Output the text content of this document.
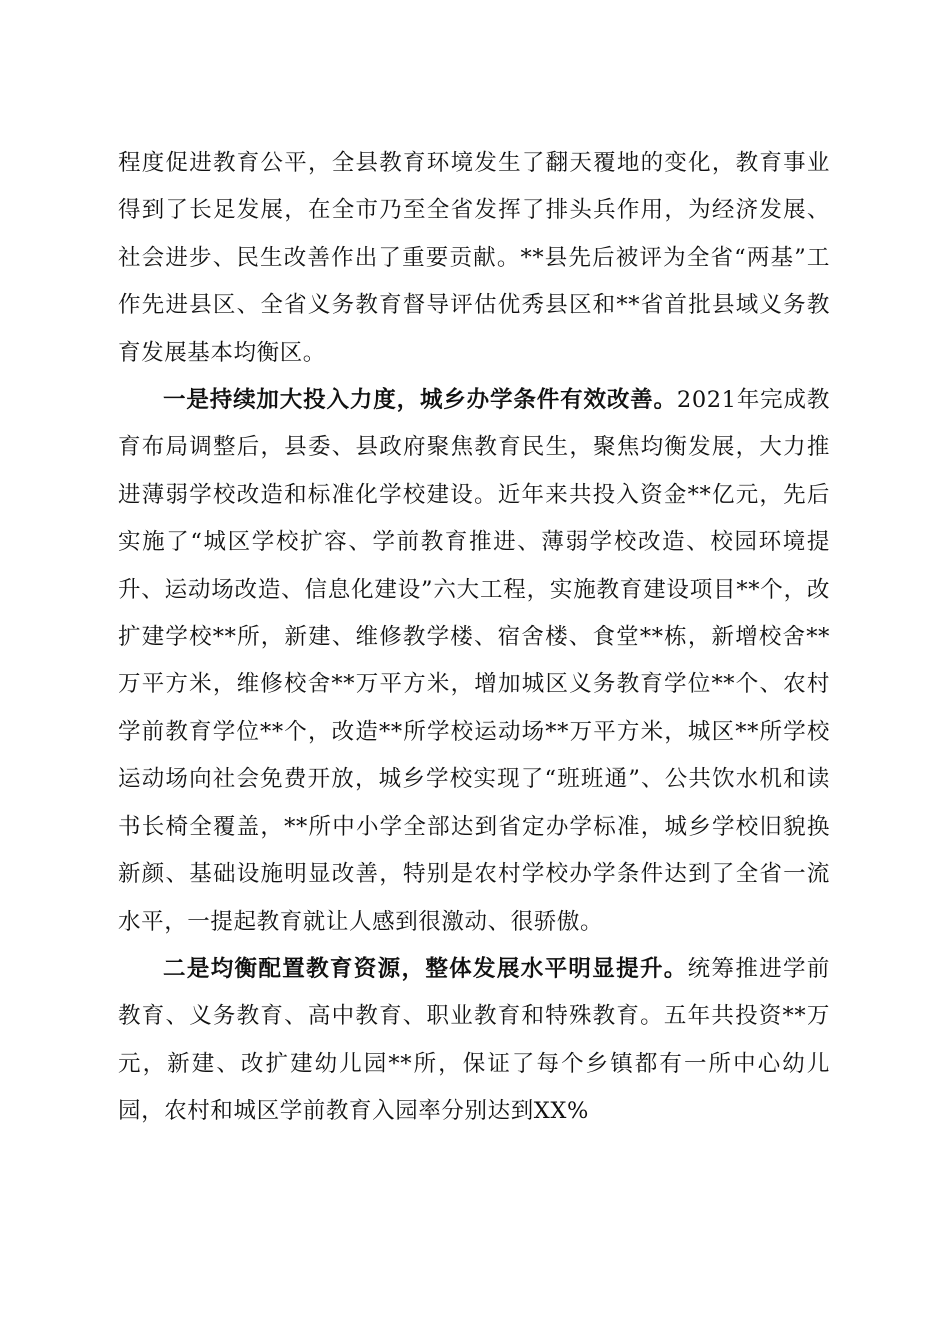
程度促进教育公平，全县教育环境发生了翻天覆地的变化，教育事业得到了长足发展，在全市乃至全省发挥了排头兵作用，为经济发展、社会进步、民生改善作出了重要贡献。**县先后被评为全省“两基”工作先进县区、全省义务教育督导评估优秀县区和**省首批县域义务教育发展基本均衡区。

一是持续加大投入力度，城乡办学条件有效改善。2021年完成教育布局调整后，县委、县政府聚焦教育民生，聚焦均衡发展，大力推进薄弱学校改造和标准化学校建设。近年来共投入资金**亿元，先后实施了“城区学校扩容、学前教育推进、薄弱学校改造、校园环境提升、运动场改造、信息化建设”六大工程，实施教育建设项目**个，改扩建学校**所，新建、维修教学楼、宿舍楼、食堂**栋，新增校舍**万平方米，维修校舍**万平方米，增加城区义务教育学位**个、农村学前教育学位**个，改造**所学校运动场**万平方米，城区**所学校运动场向社会免费开放，城乡学校实现了“班班通”、公共饮水机和读书长椅全覆盖，**所中小学全部达到省定办学标准，城乡学校旧貌换新颜、基础设施明显改善，特别是农村学校办学条件达到了全省一流水平，一提起教育就让人感到很激动、很骄傲。

二是均衡配置教育资源，整体发展水平明显提升。统筹推进学前教育、义务教育、高中教育、职业教育和特殊教育。五年共投资**万元，新建、改扩建幼儿园**所，保证了每个乡镇都有一所中心幼儿园，农村和城区学前教育入园率分别达到XX%
